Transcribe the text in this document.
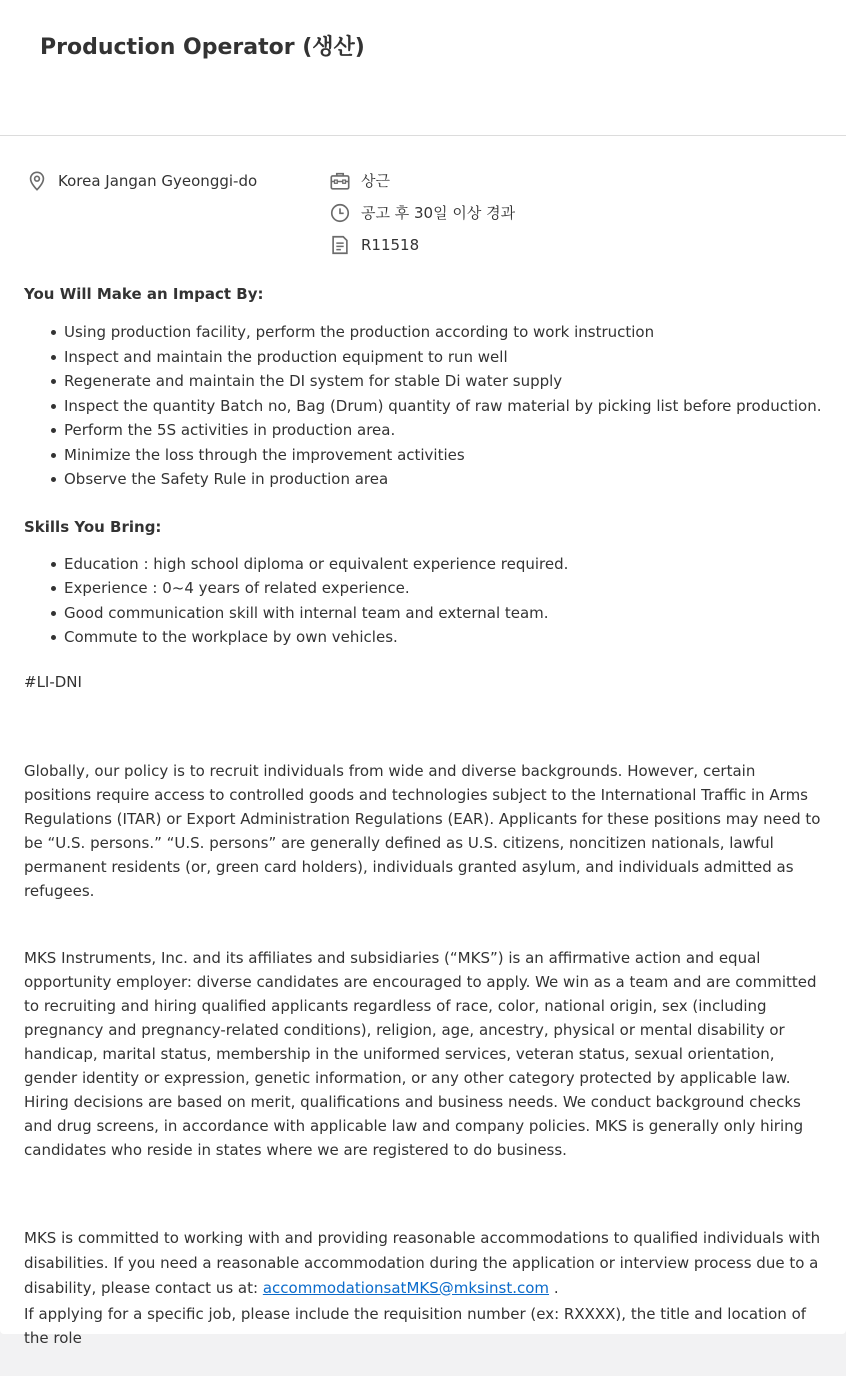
Production Operator (생산)
Korea Jangan Gyeonggi-do	상근
공고 후 30일 이상 경과
R11518

You Will Make an Impact By:

Using production facility, perform the production according to work instruction
Inspect and maintain the production equipment to run well
Regenerate and maintain the DI system for stable Di water supply
Inspect the quantity Batch no, Bag (Drum) quantity of raw material by picking list before production.
Perform the 5S activities in production area.
Minimize the loss through the improvement activities
Observe the Safety Rule in production area

Skills You Bring:

Education : high school diploma or equivalent experience required.
Experience : 0~4 years of related experience.
Good communication skill with internal team and external team.
Commute to the workplace by own vehicles.

#LI-DNI

Globally, our policy is to recruit individuals from wide and diverse backgrounds. However, certain positions require access to controlled goods and technologies subject to the International Traffic in Arms Regulations (ITAR) or Export Administration Regulations (EAR). Applicants for these positions may need to be “U.S. persons.” “U.S. persons” are generally defined as U.S. citizens, noncitizen nationals, lawful permanent residents (or, green card holders), individuals granted asylum, and individuals admitted as refugees.

MKS Instruments, Inc. and its affiliates and subsidiaries (“MKS”) is an affirmative action and equal opportunity employer: diverse candidates are encouraged to apply. We win as a team and are committed to recruiting and hiring qualified applicants regardless of race, color, national origin, sex (including pregnancy and pregnancy-related conditions), religion, age, ancestry, physical or mental disability or handicap, marital status, membership in the uniformed services, veteran status, sexual orientation, gender identity or expression, genetic information, or any other category protected by applicable law. Hiring decisions are based on merit, qualifications and business needs. We conduct background checks and drug screens, in accordance with applicable law and company policies. MKS is generally only hiring candidates who reside in states where we are registered to do business.

MKS is committed to working with and providing reasonable accommodations to qualified individuals with disabilities. If you need a reasonable accommodation during the application or interview process due to a disability, please contact us at: accommodationsatMKS@mksinst.com .

If applying for a specific job, please include the requisition number (ex: RXXXX), the title and location of the role
